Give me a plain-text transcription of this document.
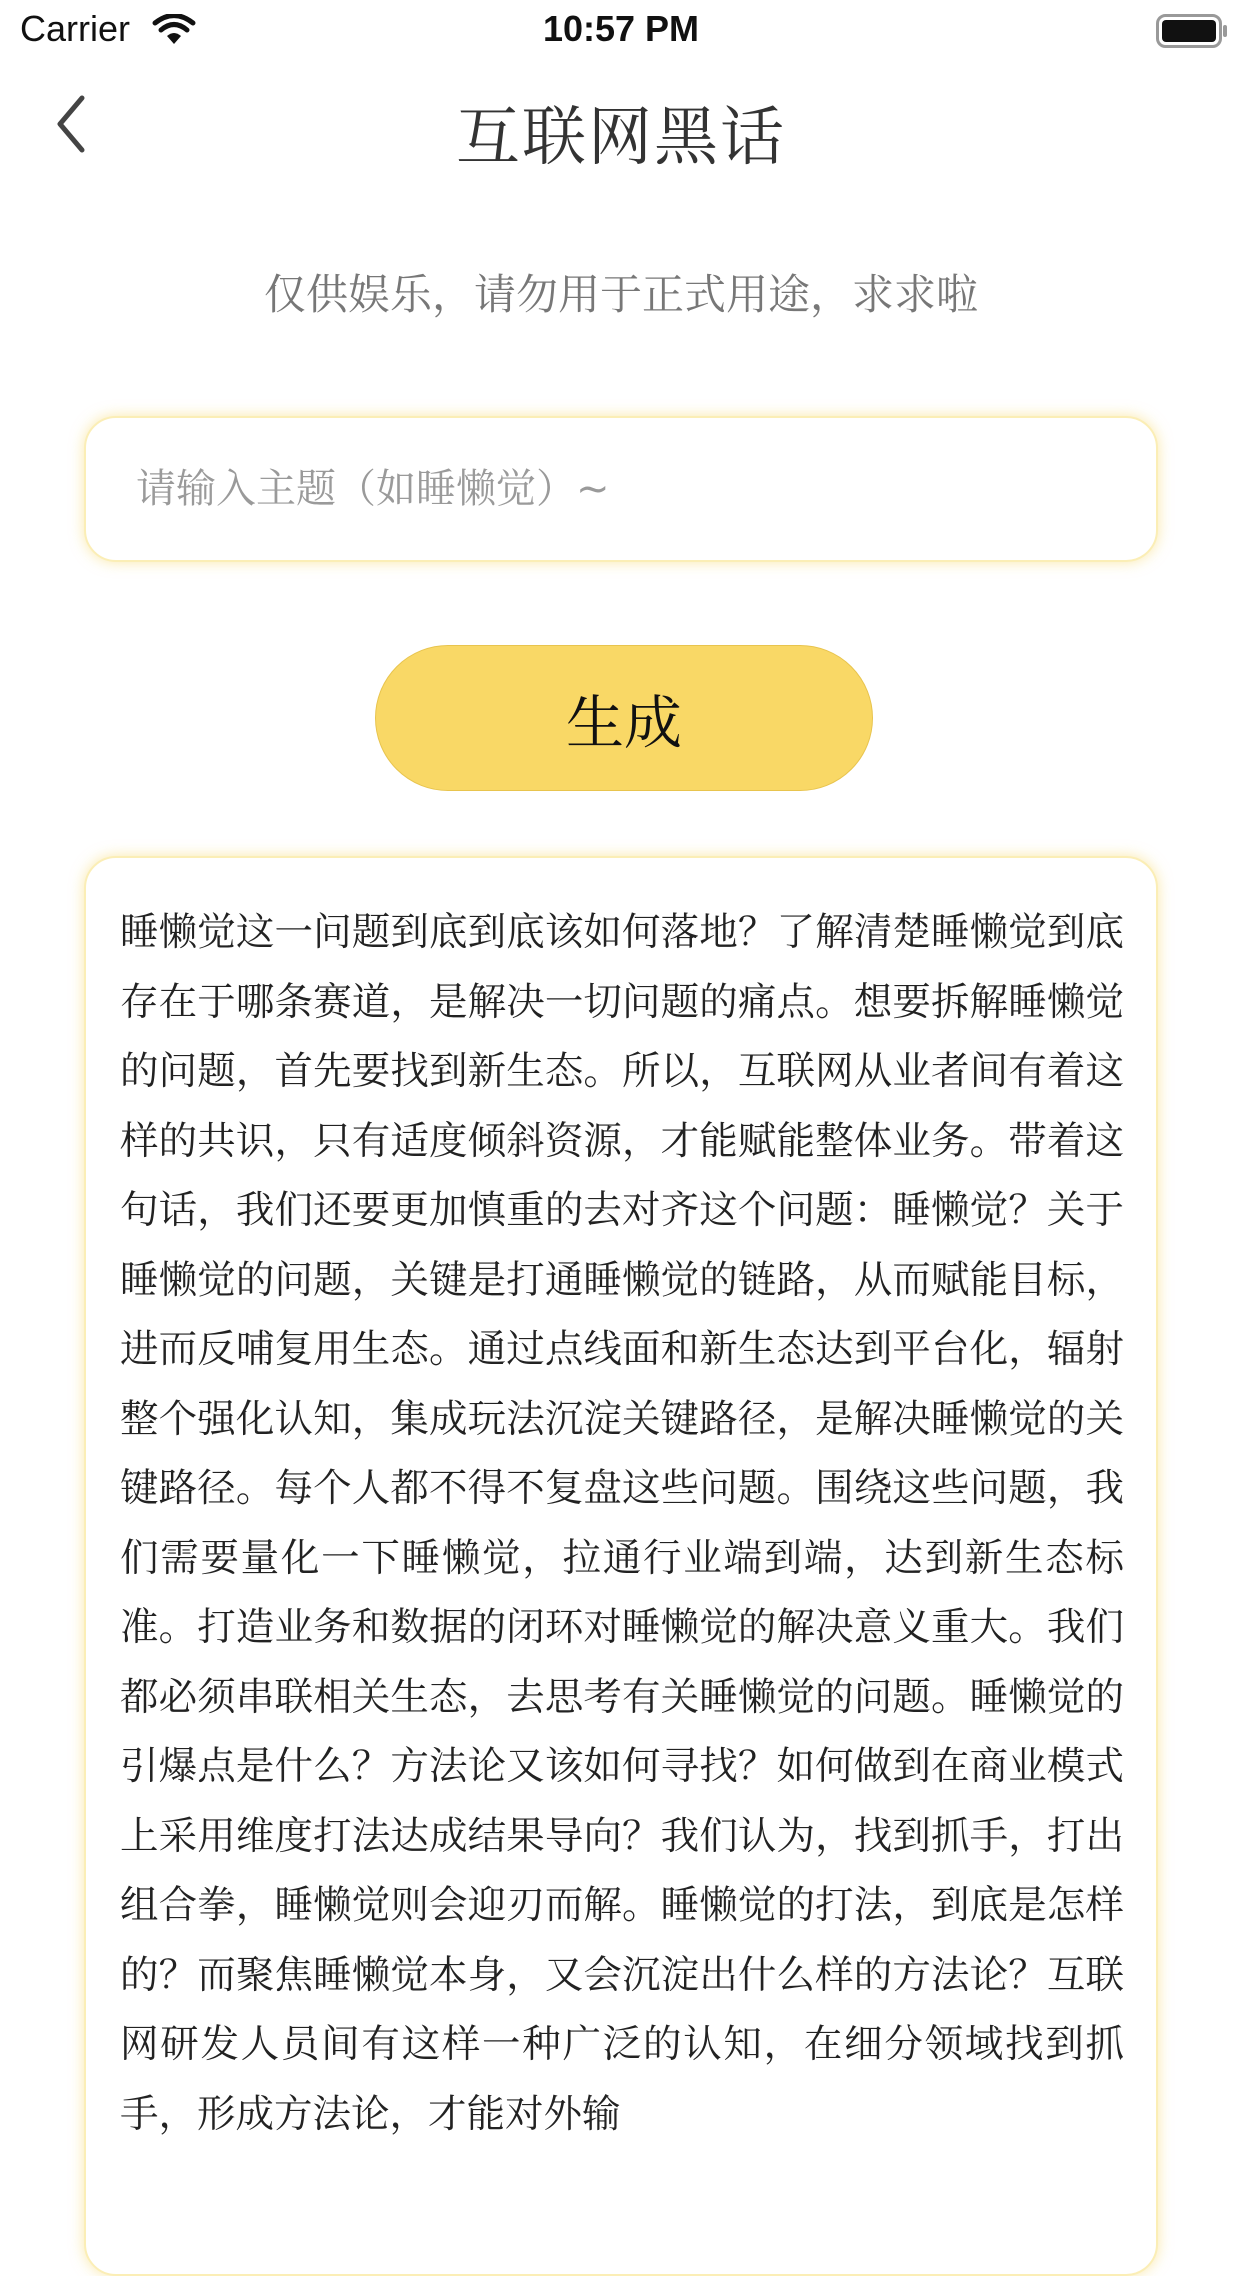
Carrier	10:57 PM
互联网黑话
仅供娱乐，请勿用于正式用途，求求啦
请输入主题（如睡懒觉）~
生成

睡懒觉这一问题到底到底该如何落地？了解清楚睡懒觉到底存在于哪条赛道，是解决一切问题的痛点。想要拆解睡懒觉的问题，首先要找到新生态。所以，互联网从业者间有着这样的共识，只有适度倾斜资源，才能赋能整体业务。带着这句话，我们还要更加慎重的去对齐这个问题：睡懒觉？关于睡懒觉的问题，关键是打通睡懒觉的链路，从而赋能目标，进而反哺复用生态。通过点线面和新生态达到平台化，辐射整个强化认知，集成玩法沉淀关键路径，是解决睡懒觉的关键路径。每个人都不得不复盘这些问题。围绕这些问题，我们需要量化一下睡懒觉，拉通行业端到端，达到新生态标准。打造业务和数据的闭环对睡懒觉的解决意义重大。我们都必须串联相关生态，去思考有关睡懒觉的问题。睡懒觉的引爆点是什么？方法论又该如何寻找？如何做到在商业模式上采用维度打法达成结果导向？我们认为，找到抓手，打出组合拳，睡懒觉则会迎刃而解。睡懒觉的打法，到底是怎样的？而聚焦睡懒觉本身，又会沉淀出什么样的方法论？互联网研发人员间有这样一种广泛的认知，在细分领域找到抓手，形成方法论，才能对外输
